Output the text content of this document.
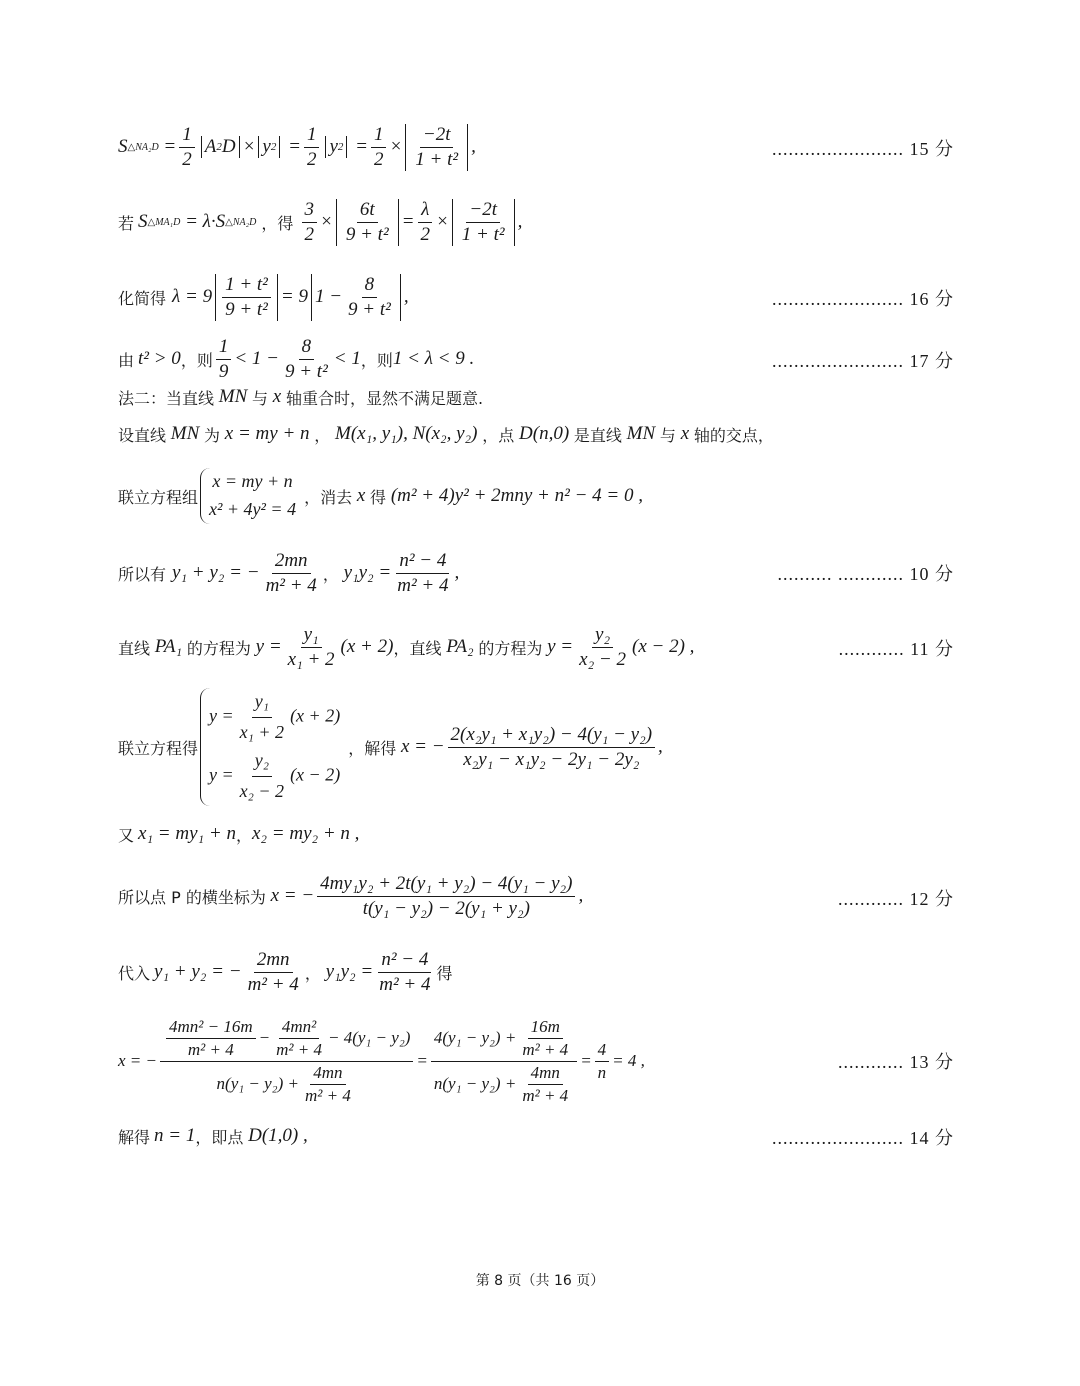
S △NA₂D = $\frac{1}{2}$ A 2 D × y $2 = \frac{1}{2}$ y $2 = \frac{1}{2} \times \frac{-2t}{\text{1 + t²}}$ ,	........................ 15 分
若 S △MA₁D = λ·S △NA₂D ，得 $\frac{3}{2} \times \frac{6t}{\text{9 + t²}} = \frac{\lambda}{2} \times \frac{-2t}{\text{1 + t²}}$ ,
化简得 $\lambda = 9 \frac{\text{1 + t²}}{\text{9 + t²}} = 9$ $1 - \frac{8}{\text{9 + t²}}$ ,	........................ 16 分
由 t² > 0 ，则 $\frac{1}{9} < 1 - \frac{8}{\text{9 + t²}} < 1$ ，则 1 < λ < 9 .	........................ 17 分
法二：当直线 MN 与 x 轴重合时，显然不满足题意.
设直线 MN 为 x = my + n ， M(x₁, y₁), N(x₂, y₂) ，点 D(n,0) 是直线 MN 与 x 轴的交点，
联立方程组
x = my + n
x² + 4y² = 4
，消去 x 得 (m² + 4)y² + 2mny + n² − 4 = 0 ,
所以有 y₁ + y₂ = − $\frac{2mn}{\text{m² + 4}}$ ， $y_1y_2 = \frac{\text{n² − 4}}{\text{m² + 4}}$ ,	.......... ............ 10 分
直线 PA₁ 的方程为 $y = \frac{\text{y₁}}{\text{x₁ + 2}} (x + 2)$ ，直线 PA₂ 的方程为 $y = \frac{\text{y₂}}{\text{x₂ − 2}} (x - 2)$ ,	............ 11 分
联立方程得
$y = \frac{\text{y₁}}{\text{x₁ + 2}} (x + 2)$
$y = \frac{\text{y₂}}{\text{x₂ − 2}} (x - 2)$
，解得 x = − $\frac{\text{2(x₂y₁ + x₁y₂) − 4(y₁ − y₂)}}{\text{x₂y₁ − x₁y₂ − 2y₁ − 2y₂}}$ ,
又 x₁ = my₁ + n ， x₂ = my₂ + n ,
所以点 P 的横坐标为 x = − $\frac{\text{4my₁y₂ + 2t(y₁ + y₂) − 4(y₁ − y₂)}}{\text{t(y₁ − y₂) − 2(y₁ + y₂)}}$ ,	............ 12 分
代入 y₁ + y₂ = − $\frac{2mn}{\text{m² + 4}}$ ， $y_1y_2 = \frac{\text{n² − 4}}{\text{m² + 4}}$ 得
x = − $\frac{\frac{\text{4mn² − 16m}}{\text{m² + 4}} - \frac{\text{4mn²}}{\text{m² + 4}} - 4(y_1 - y_2)}{n(y_1 - y_2) + \frac{4mn}{\text{m² + 4}}} = \frac{4(y_1 - y_2) + \frac{16m}{\text{m² + 4}}}{n(y_1 - y_2) + \frac{4mn}{\text{m² + 4}}} = \frac{4}{n} = 4$ ,	............ 13 分
解得 n = 1 ，即点 D(1,0) ,	........................ 14 分
第 8 页（共 16 页）
